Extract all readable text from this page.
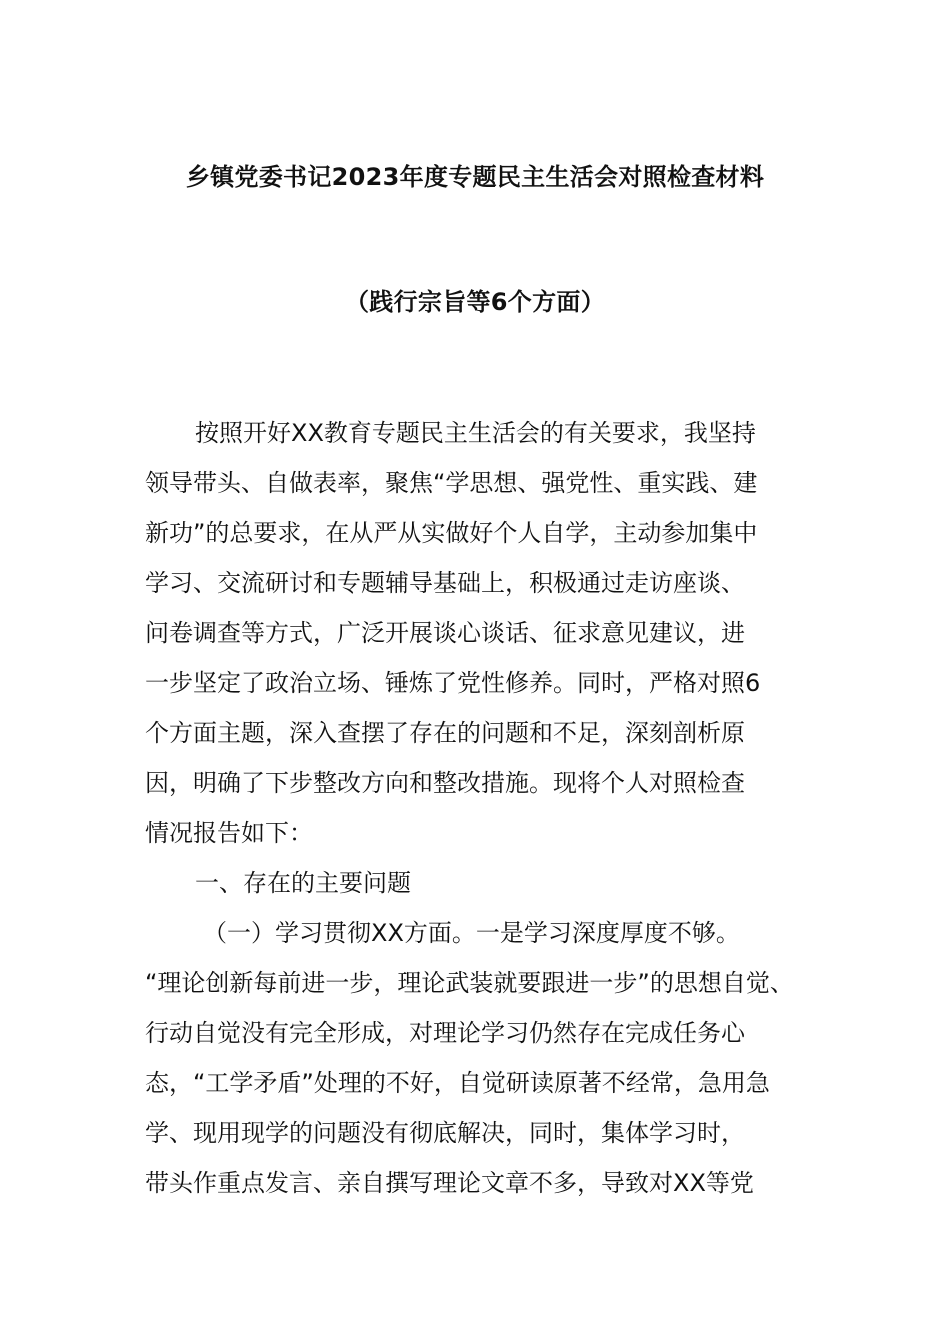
乡镇党委书记2023年度专题民主生活会对照检查材料
（践行宗旨等6个方面）
按照开好XX教育专题民主生活会的有关要求，我坚持
领导带头、自做表率，聚焦“学思想、强党性、重实践、建
新功”的总要求，在从严从实做好个人自学，主动参加集中
学习、交流研讨和专题辅导基础上，积极通过走访座谈、
问卷调查等方式，广泛开展谈心谈话、征求意见建议，进
一步坚定了政治立场、锤炼了党性修养。同时，严格对照6
个方面主题，深入查摆了存在的问题和不足，深刻剖析原
因，明确了下步整改方向和整改措施。现将个人对照检查
情况报告如下：
一、存在的主要问题
（一）学习贯彻XX方面。一是学习深度厚度不够。
“理论创新每前进一步，理论武装就要跟进一步”的思想自觉、
行动自觉没有完全形成，对理论学习仍然存在完成任务心
态，“工学矛盾”处理的不好，自觉研读原著不经常，急用急
学、现用现学的问题没有彻底解决，同时，集体学习时，
带头作重点发言、亲自撰写理论文章不多，导致对XX等党
